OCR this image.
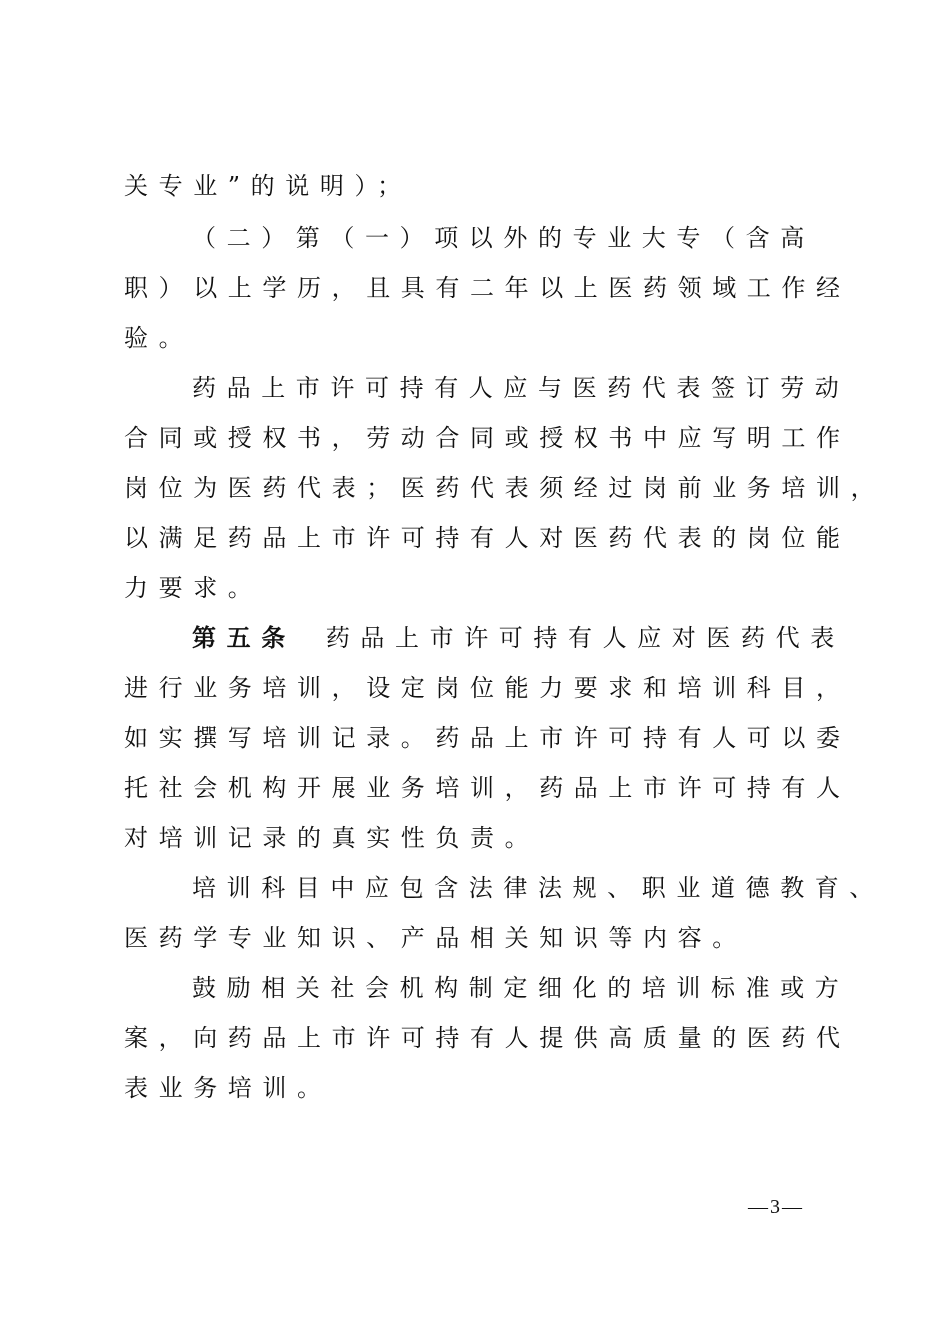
关专业”的说明）；
（二）第（一）项以外的专业大专（含高
职）以上学历，且具有二年以上医药领域工作经
验。
药品上市许可持有人应与医药代表签订劳动
合同或授权书，劳动合同或授权书中应写明工作
岗位为医药代表；医药代表须经过岗前业务培训，
以满足药品上市许可持有人对医药代表的岗位能
力要求。
第五条 药品上市许可持有人应对医药代表
进行业务培训，设定岗位能力要求和培训科目，
如实撰写培训记录。药品上市许可持有人可以委
托社会机构开展业务培训，药品上市许可持有人
对培训记录的真实性负责。
培训科目中应包含法律法规、职业道德教育、
医药学专业知识、产品相关知识等内容。
鼓励相关社会机构制定细化的培训标准或方
案，向药品上市许可持有人提供高质量的医药代
表业务培训。
—3—
